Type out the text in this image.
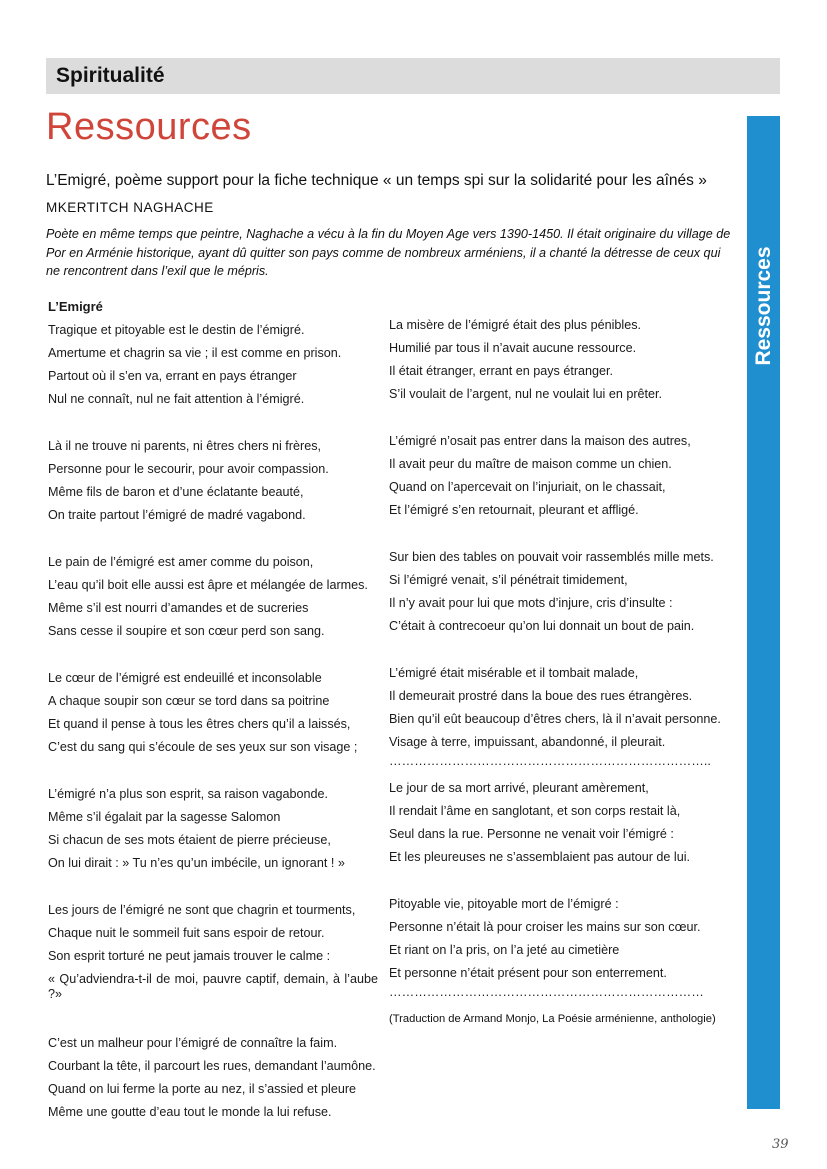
Spiritualité
Ressources
Ressources
L’Emigré, poème support pour la fiche technique « un temps spi sur la solidarité pour les aînés »
MKERTITCH NAGHACHE
Poète en même temps que peintre, Naghache a vécu à la fin du Moyen Age vers 1390-1450. Il était originaire du village de Por en Arménie historique, ayant dû quitter son pays comme de nombreux arméniens, il a chanté la détresse de ceux qui ne rencontrent dans l’exil que le mépris.
L’Emigré
Tragique et pitoyable est le destin de l’émigré.
Amertume et chagrin sa vie ; il est comme en prison.
Partout où il s’en va, errant en pays étranger
Nul ne connaît, nul ne fait attention à l’émigré.
Là il ne trouve ni parents, ni êtres chers ni frères,
Personne pour le secourir, pour avoir compassion.
Même fils de baron et d’une éclatante beauté,
On traite partout l’émigré de madré vagabond.
Le pain de l’émigré est amer comme du poison,
L’eau qu’il boit elle aussi est âpre et mélangée de larmes.
Même s’il est nourri d’amandes et de sucreries
Sans cesse il soupire et son cœur perd son sang.
Le cœur de l’émigré est endeuillé et inconsolable
A chaque soupir son cœur se tord dans sa poitrine
Et quand il pense à tous les êtres chers qu’il a laissés,
C’est du sang qui s’écoule de ses yeux sur son visage ;
L’émigré n’a plus son esprit, sa raison vagabonde.
Même s’il égalait par la sagesse Salomon
Si chacun de ses mots étaient de pierre précieuse,
On lui dirait : » Tu n’es qu’un imbécile, un ignorant ! »
Les jours de l’émigré ne sont que chagrin et tourments,
Chaque nuit le sommeil fuit sans espoir de retour.
Son esprit torturé ne peut jamais trouver le calme :
« Qu’adviendra-t-il de moi, pauvre captif, demain, à l’aube ?»
C’est un malheur pour l’émigré de connaître la faim.
Courbant la tête, il parcourt les rues, demandant l’aumône.
Quand on lui ferme la porte au nez, il s’assied et pleure
Même une goutte d’eau tout le monde la lui refuse.
La misère de l’émigré était des plus pénibles.
Humilié par tous il n’avait aucune ressource.
Il était étranger, errant en pays étranger.
S’il voulait de l’argent, nul ne voulait lui en prêter.
L’émigré n’osait pas entrer dans la maison des autres,
Il avait peur du maître de maison comme un chien.
Quand on l’apercevait on l’injuriait, on le chassait,
Et l’émigré s’en retournait, pleurant et affligé.
Sur bien des tables on pouvait voir rassemblés mille mets.
Si l’émigré venait, s’il pénétrait timidement,
Il n’y avait pour lui que mots d’injure, cris d’insulte :
C’était à contrecoeur qu’on lui donnait un bout de pain.
L’émigré était misérable et il tombait malade,
Il demeurait prostré dans la boue des rues étrangères.
Bien qu’il eût beaucoup d’êtres chers, là il n’avait personne.
Visage à terre, impuissant, abandonné, il pleurait.
…………………………………………………………………..
Le jour de sa mort arrivé, pleurant amèrement,
Il rendait l’âme en sanglotant, et son corps restait là,
Seul dans la rue. Personne ne venait voir l’émigré :
Et les pleureuses ne s’assemblaient pas autour de lui.
Pitoyable vie, pitoyable mort de l’émigré :
Personne n’était là pour croiser les mains sur son cœur.
Et riant on l’a pris, on l’a jeté au cimetière
Et personne n’était présent pour son enterrement.
…………………………………………………………………
(Traduction de Armand Monjo, La Poésie arménienne, anthologie)
39
